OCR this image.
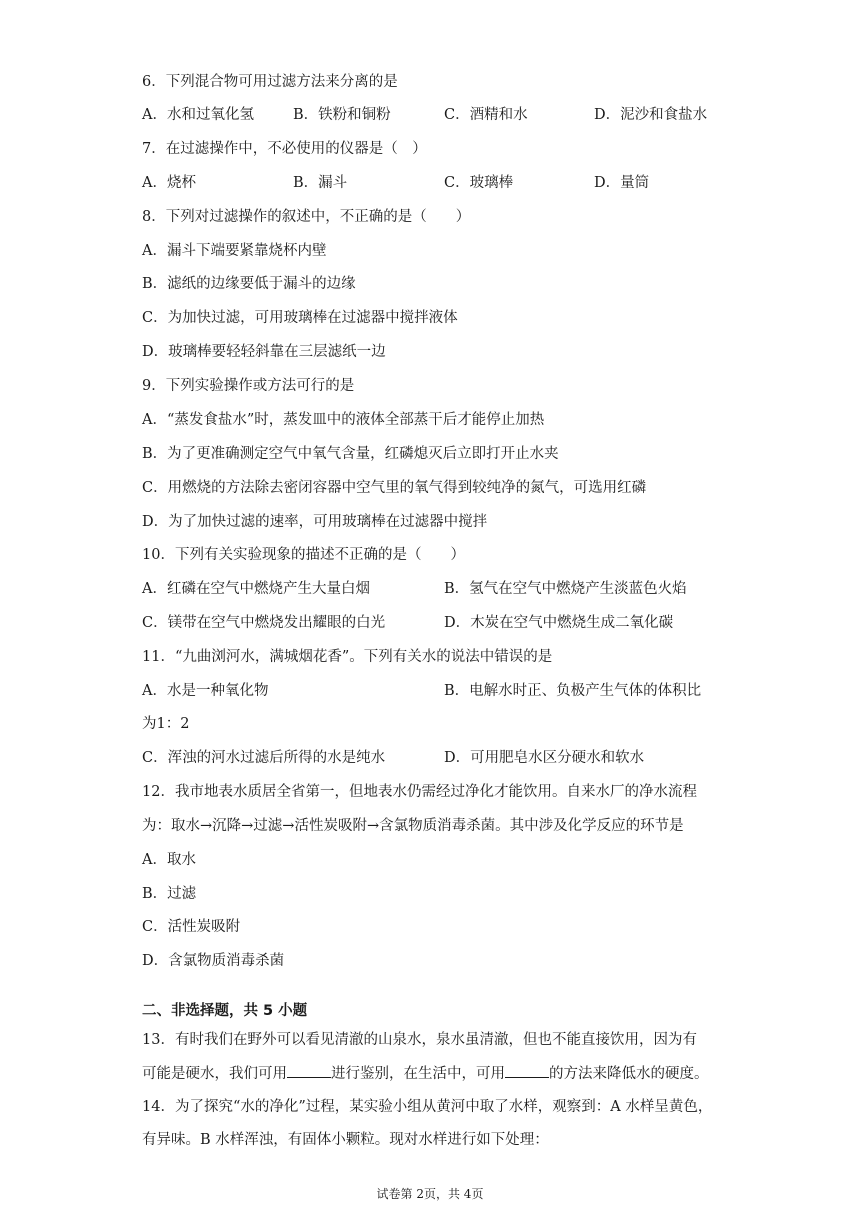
6．下列混合物可用过滤方法来分离的是
A．水和过氧化氢	B．铁粉和铜粉	C．酒精和水	D．泥沙和食盐水
7．在过滤操作中，不必使用的仪器是（　）
A．烧杯	B．漏斗	C．玻璃棒	D．量筒
8．下列对过滤操作的叙述中，不正确的是（　　）
A．漏斗下端要紧靠烧杯内壁
B．滤纸的边缘要低于漏斗的边缘
C．为加快过滤，可用玻璃棒在过滤器中搅拌液体
D．玻璃棒要轻轻斜靠在三层滤纸一边
9．下列实验操作或方法可行的是
A．“蒸发食盐水”时，蒸发皿中的液体全部蒸干后才能停止加热
B．为了更准确测定空气中氧气含量，红磷熄灭后立即打开止水夹
C．用燃烧的方法除去密闭容器中空气里的氧气得到较纯净的氮气，可选用红磷
D．为了加快过滤的速率，可用玻璃棒在过滤器中搅拌
10．下列有关实验现象的描述不正确的是（　　）
A．红磷在空气中燃烧产生大量白烟	B．氢气在空气中燃烧产生淡蓝色火焰
C．镁带在空气中燃烧发出耀眼的白光	D．木炭在空气中燃烧生成二氧化碳
11．“九曲浏河水，满城烟花香”。下列有关水的说法中错误的是
A．水是一种氧化物	B．电解水时正、负极产生气体的体积比
为1：2
C．浑浊的河水过滤后所得的水是纯水	D．可用肥皂水区分硬水和软水
12．我市地表水质居全省第一，但地表水仍需经过净化才能饮用。自来水厂的净水流程
为：取水→沉降→过滤→活性炭吸附→含氯物质消毒杀菌。其中涉及化学反应的环节是
A．取水
B．过滤
C．活性炭吸附
D．含氯物质消毒杀菌
二、非选择题，共 5 小题
13．有时我们在野外可以看见清澈的山泉水，泉水虽清澈，但也不能直接饮用，因为有
可能是硬水，我们可用	进行鉴别，在生活中，可用	的方法来降低水的硬度。
14．为了探究“水的净化”过程，某实验小组从黄河中取了水样，观察到：A 水样呈黄色，
有异味。B 水样浑浊，有固体小颗粒。现对水样进行如下处理：
试卷第 2页，共 4页
